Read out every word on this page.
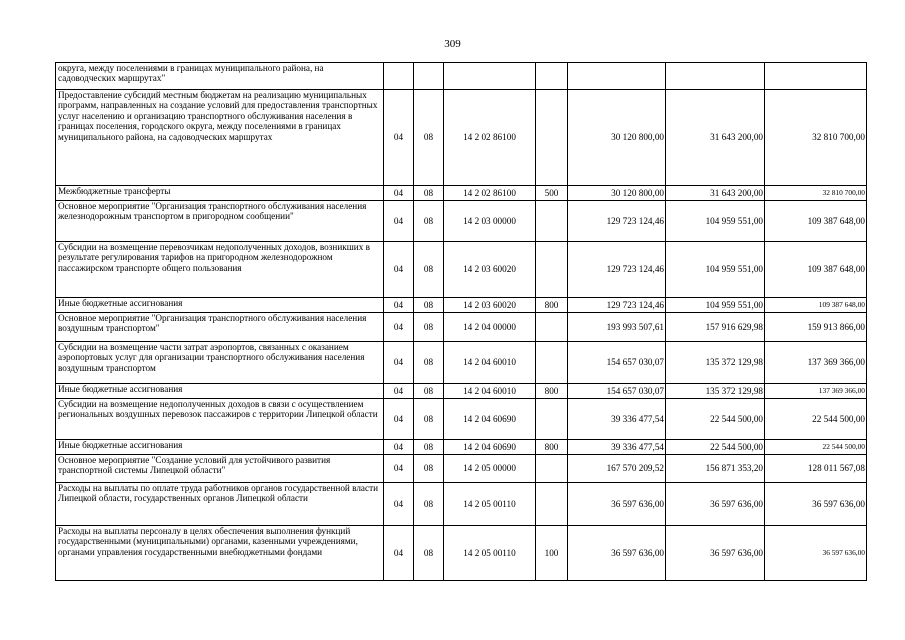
309
округа, между поселениями в границах муниципального района, на садоводческих маршрутах"							
Предоставление субсидий местным бюджетам на реализацию муниципальных программ, направленных на создание условий для предоставления транспортных услуг населению и организацию транспортного обслуживания населения в границах поселения, городского округа, между поселениями в границах муниципального района, на садоводческих маршрутах	04	08	14 2 02 86100		30 120 800,00	31 643 200,00	32 810 700,00
Межбюджетные трансферты	04	08	14 2 02 86100	500	30 120 800,00	31 643 200,00	32 810 700,00
Основное мероприятие "Организация транспортного обслуживания населения железнодорожным транспортом в пригородном сообщении"	04	08	14 2 03 00000		129 723 124,46	104 959 551,00	109 387 648,00
Субсидии на возмещение перевозчикам недополученных доходов, возникших в результате регулирования тарифов на пригородном железнодорожном пассажирском транспорте общего пользования	04	08	14 2 03 60020		129 723 124,46	104 959 551,00	109 387 648,00
Иные бюджетные ассигнования	04	08	14 2 03 60020	800	129 723 124,46	104 959 551,00	109 387 648,00
Основное мероприятие "Организация транспортного обслуживания населения воздушным транспортом"	04	08	14 2 04 00000		193 993 507,61	157 916 629,98	159 913 866,00
Субсидии на возмещение части затрат аэропортов, связанных с оказанием аэропортовых услуг для организации транспортного обслуживания населения воздушным транспортом	04	08	14 2 04 60010		154 657 030,07	135 372 129,98	137 369 366,00
Иные бюджетные ассигнования	04	08	14 2 04 60010	800	154 657 030,07	135 372 129,98	137 369 366,00
Субсидии на возмещение недополученных доходов в связи с осуществлением региональных воздушных перевозок пассажиров с территории Липецкой области	04	08	14 2 04 60690		39 336 477,54	22 544 500,00	22 544 500,00
Иные бюджетные ассигнования	04	08	14 2 04 60690	800	39 336 477,54	22 544 500,00	22 544 500,00
Основное мероприятие "Создание условий для устойчивого развития транспортной системы Липецкой области"	04	08	14 2 05 00000		167 570 209,52	156 871 353,20	128 011 567,08
Расходы на выплаты по оплате труда работников органов государственной власти Липецкой области, государственных органов Липецкой области	04	08	14 2 05 00110		36 597 636,00	36 597 636,00	36 597 636,00
Расходы на выплаты персоналу в целях обеспечения выполнения функций государственными (муниципальными) органами, казенными учреждениями, органами управления государственными внебюджетными фондами	04	08	14 2 05 00110	100	36 597 636,00	36 597 636,00	36 597 636,00
